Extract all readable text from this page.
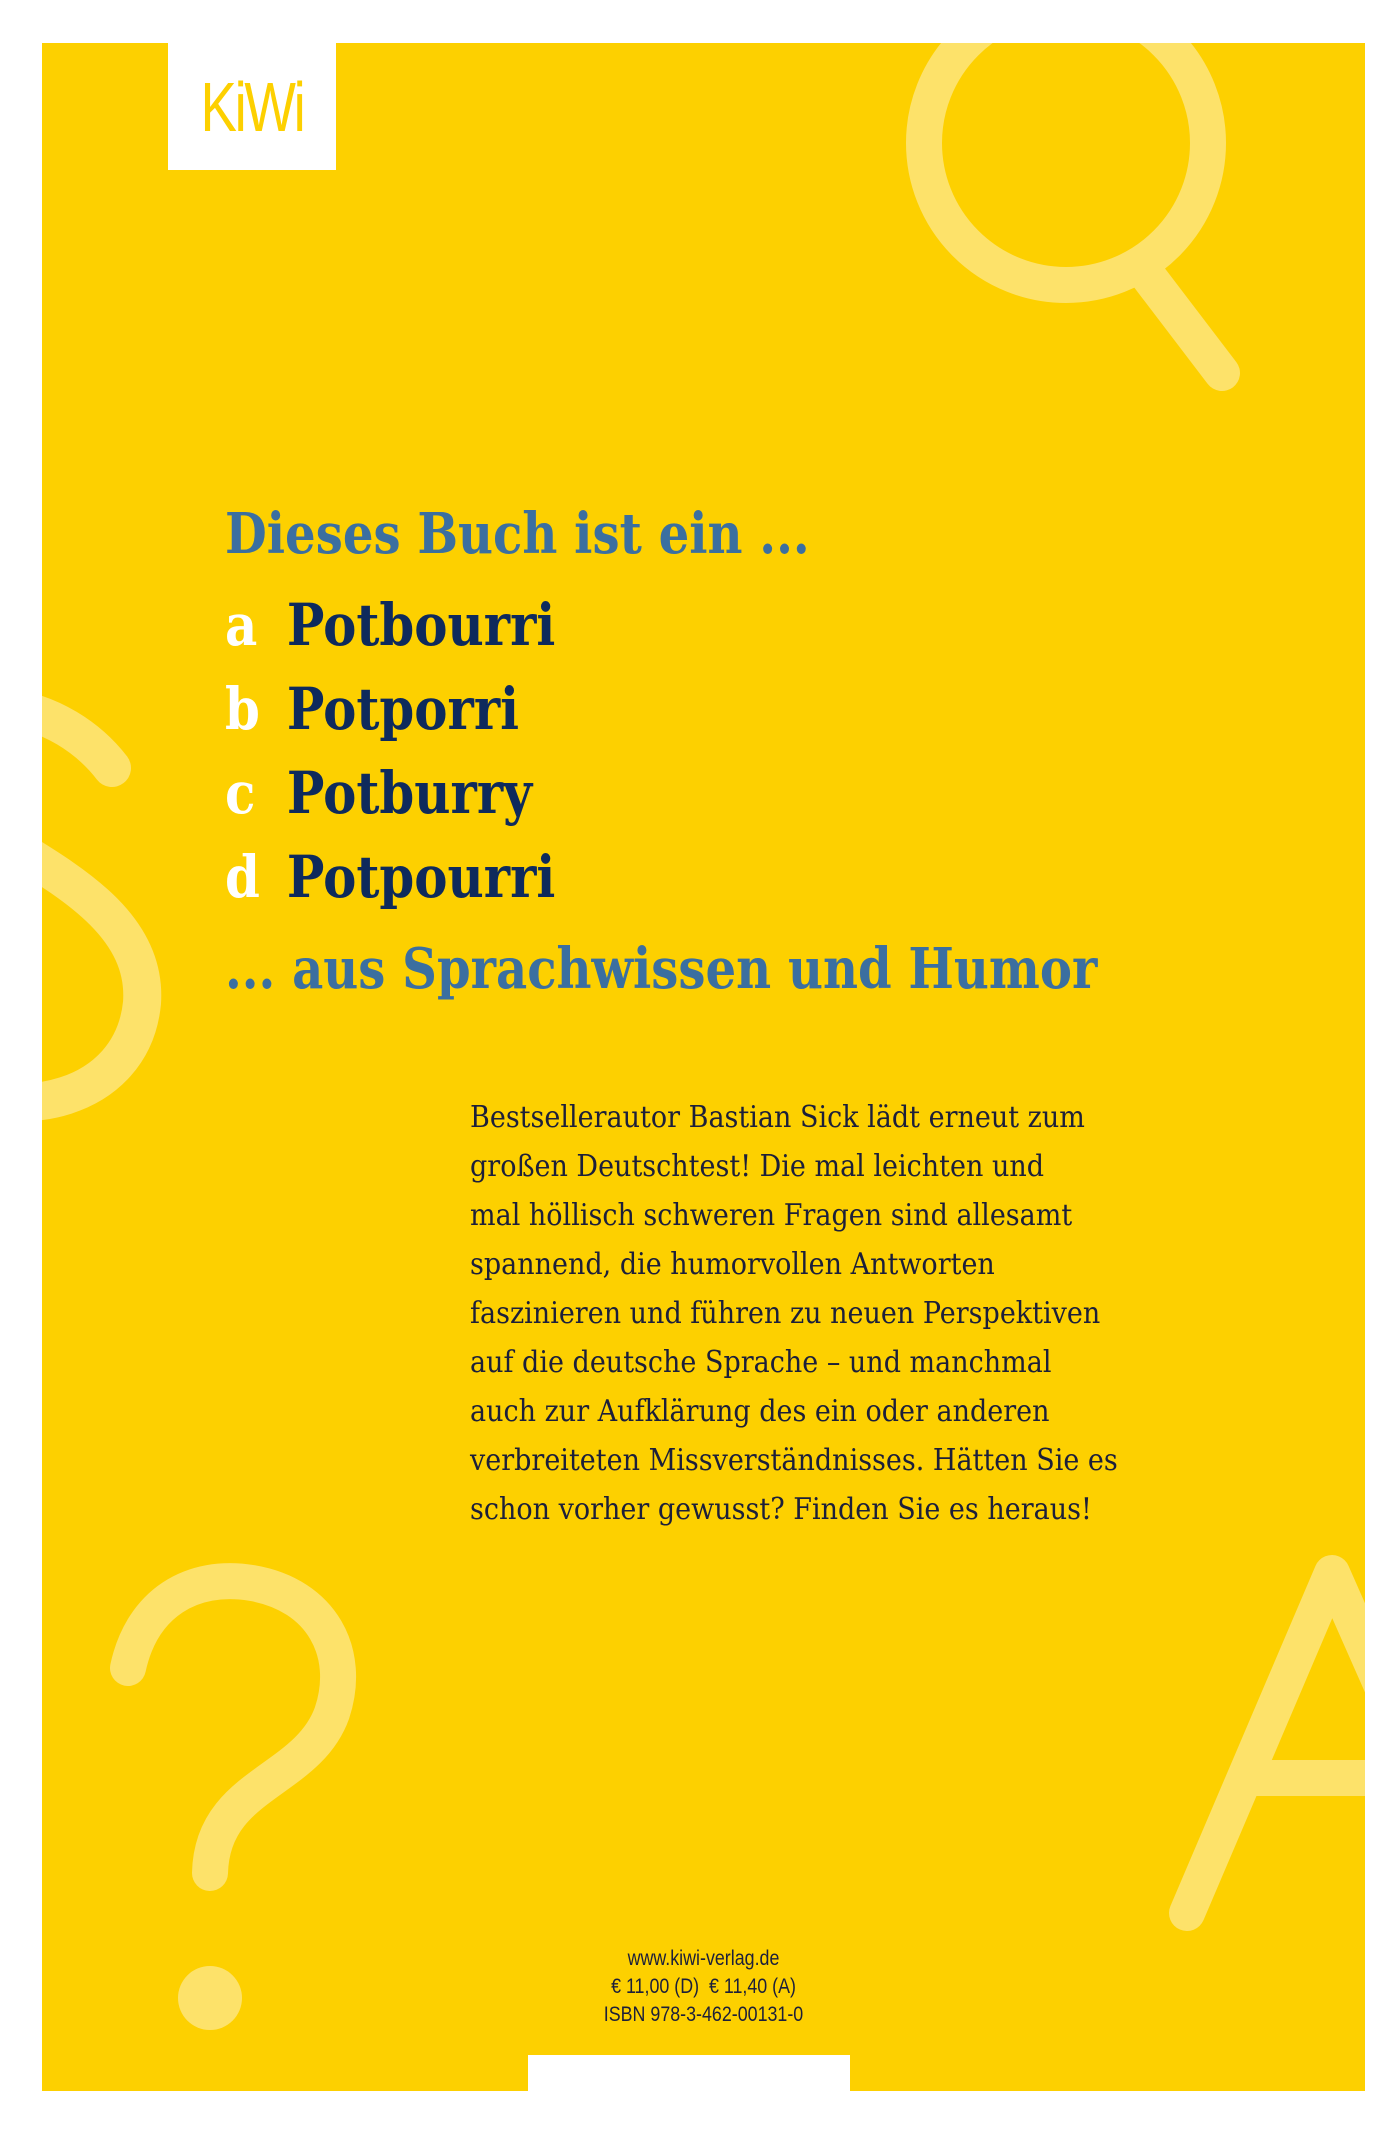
KiWi
Dieses Buch ist ein ...
a Potbourri
b Potporri
c Potburry
d Potpourri
... aus Sprachwissen und Humor
Bestsellerautor Bastian Sick lädt erneut zum
großen Deutschtest! Die mal leichten und
mal höllisch schweren Fragen sind allesamt
spannend, die humorvollen Antworten
faszinieren und führen zu neuen Perspektiven
auf die deutsche Sprache – und manchmal
auch zur Aufklärung des ein oder anderen
verbreiteten Missverständnisses. Hätten Sie es
schon vorher gewusst? Finden Sie es heraus!
www.kiwi-verlag.de
€ 11,00 (D)  € 11,40 (A)
ISBN 978-3-462-00131-0
